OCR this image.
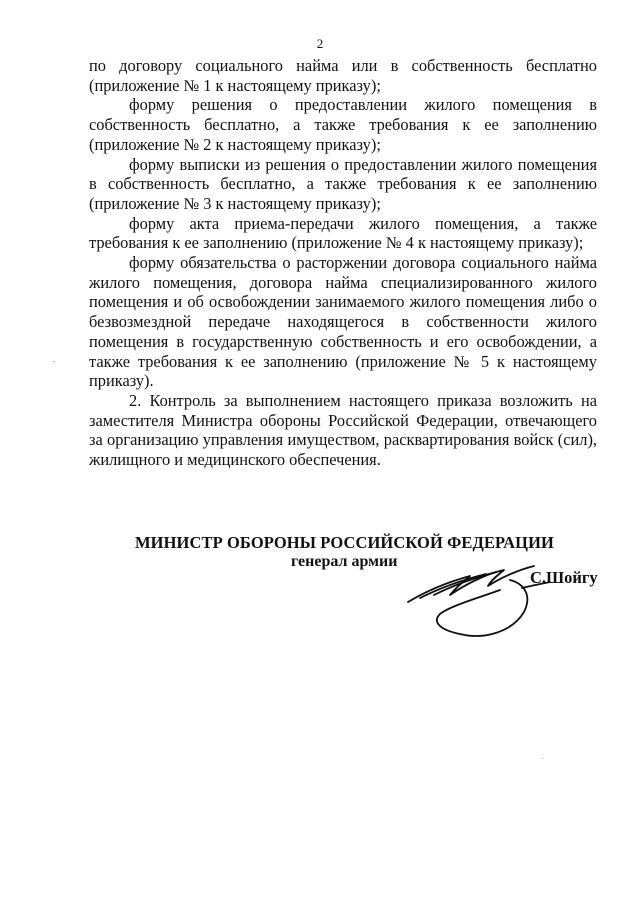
2

по договору социального найма или в собственность бесплатно (приложение № 1 к настоящему приказу);

форму решения о предоставлении жилого помещения в собственность бесплатно, а также требования к ее заполнению (приложение № 2 к настоящему приказу);

форму выписки из решения о предоставлении жилого помещения в собственность бесплатно, а также требования к ее заполнению (приложение № 3 к настоящему приказу);

форму акта приема-передачи жилого помещения, а также требования к ее заполнению (приложение № 4 к настоящему приказу);

форму обязательства о расторжении договора социального найма жилого помещения, договора найма специализированного жилого помещения и об освобождении занимаемого жилого помещения либо о безвозмездной передаче находящегося в собственности жилого помещения в государственную собственность и его освобождении, а также требования к ее заполнению (приложение № 5 к настоящему приказу).

2. Контроль за выполнением настоящего приказа возложить на заместителя Министра обороны Российской Федерации, отвечающего за организацию управления имуществом, расквартирования войск (сил), жилищного и медицинского обеспечения.

МИНИСТР ОБОРОНЫ РОССИЙСКОЙ ФЕДЕРАЦИИ
генерал армии
С.Шойгу
.
`
